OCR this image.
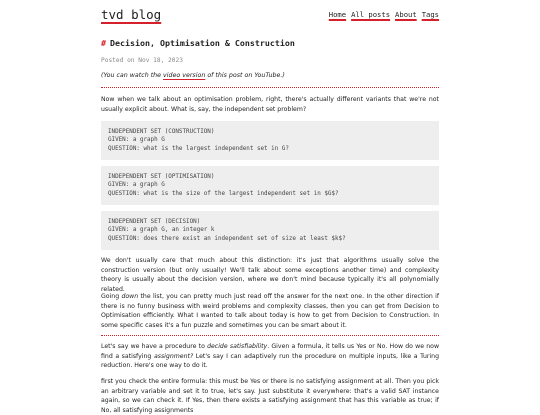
tvd blog	Home All posts About Tags
# Decision, Optimisation & Construction
Posted on Nov 18, 2023

(You can watch the video version of this post on YouTube.)

Now when we talk about an optimisation problem, right, there's actually different variants that we're not usually explicit about. What is, say, the independent set problem?

INDEPENDENT SET (CONSTRUCTION)
GIVEN: a graph G
QUESTION: what is the largest independent set in G?
INDEPENDENT SET (OPTIMISATION)
GIVEN: a graph G
QUESTION: what is the size of the largest independent set in $G$?
INDEPENDENT SET (DECISION)
GIVEN: a graph G, an integer k
QUESTION: does there exist an independent set of size at least $k$?

We don't usually care that much about this distinction: it's just that algorithms usually solve the construction version (but only usually! We'll talk about some exceptions another time) and complexity theory is usually about the decision version, where we don't mind because typically it's all polynomially related.

Going down the list, you can pretty much just read off the answer for the next one. In the other direction if there is no funny business with weird problems and complexity classes, then you can get from Decision to Optimisation efficiently. What I wanted to talk about today is how to get from Decision to Construction. In some specific cases it's a fun puzzle and sometimes you can be smart about it.

Let's say we have a procedure to decide satisfiability. Given a formula, it tells us Yes or No. How do we now find a satisfying assignment? Let's say I can adaptively run the procedure on multiple inputs, like a Turing reduction. Here's one way to do it.

first you check the entire formula: this must be Yes or there is no satisfying assignment at all. Then you pick an arbitrary variable and set it to true, let's say. Just substitute it everywhere: that's a valid SAT instance again, so we can check it. If Yes, then there exists a satisfying assignment that has this variable as true; if No, all satisfying assignments
